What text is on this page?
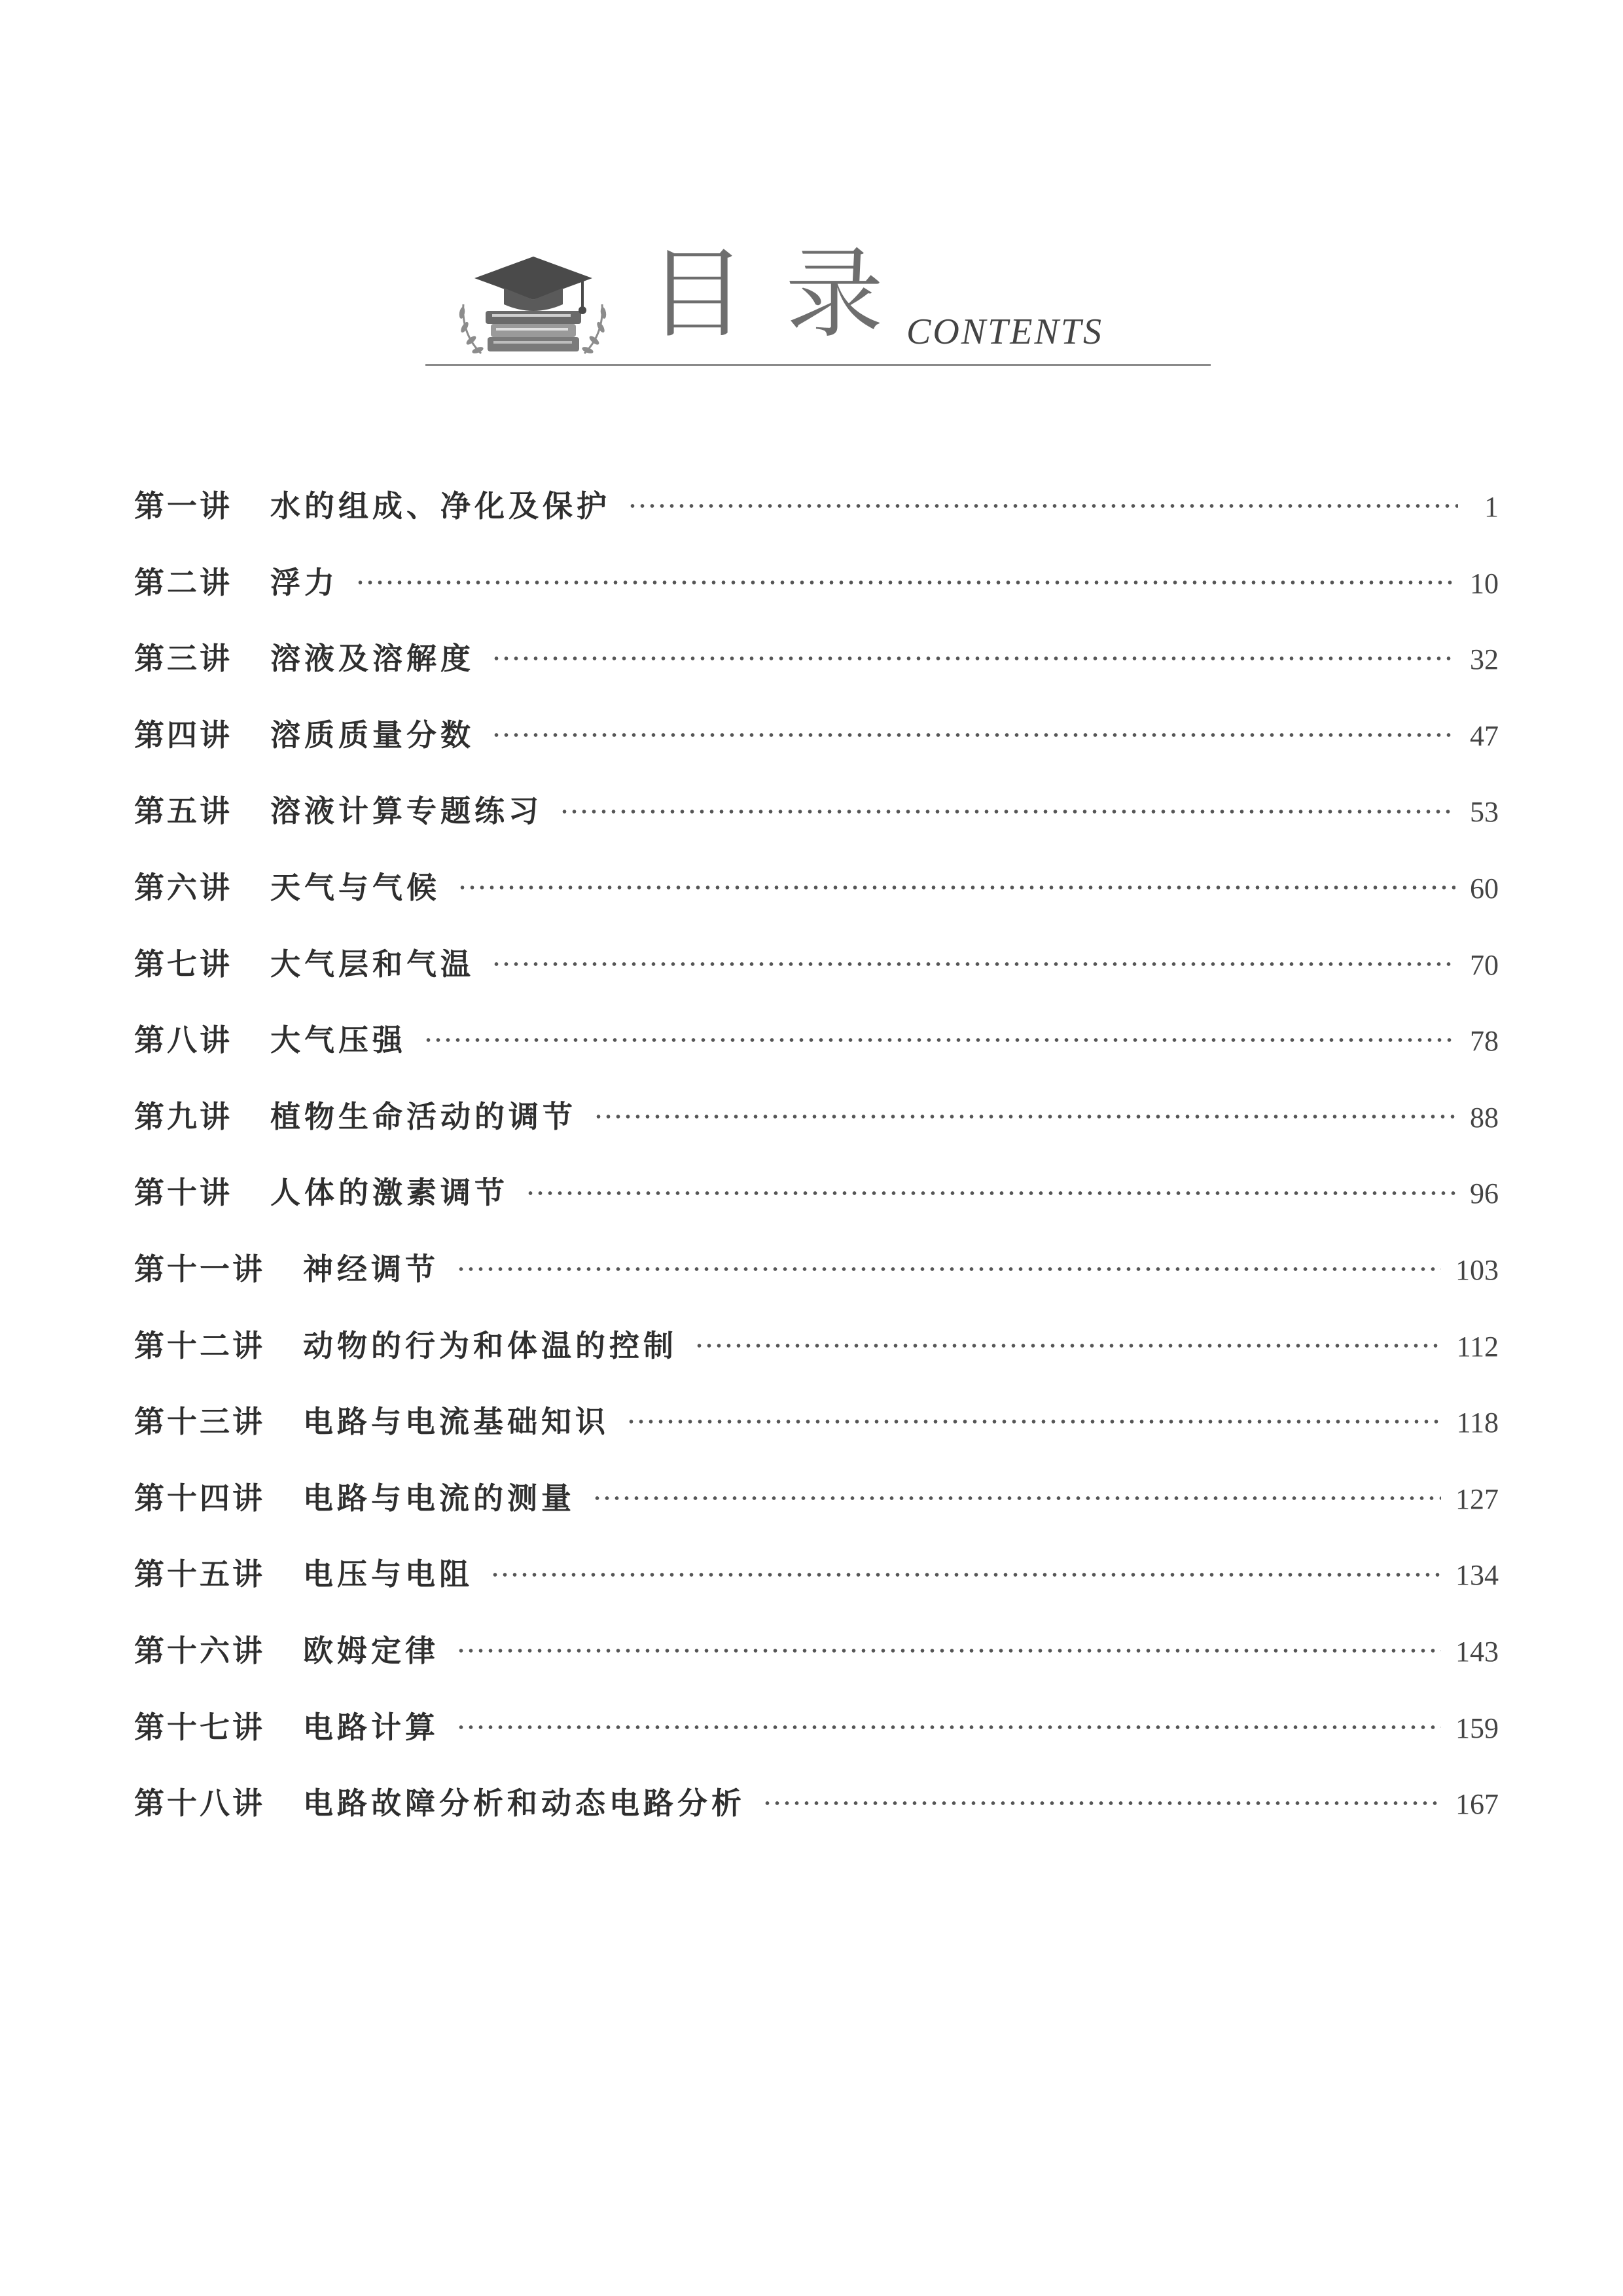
目录
CONTENTS
第一讲 水的组成、净化及保护	1
第二讲 浮力	10
第三讲 溶液及溶解度	32
第四讲 溶质质量分数	47
第五讲 溶液计算专题练习	53
第六讲 天气与气候	60
第七讲 大气层和气温	70
第八讲 大气压强	78
第九讲 植物生命活动的调节	88
第十讲 人体的激素调节	96
第十一讲 神经调节	103
第十二讲 动物的行为和体温的控制	112
第十三讲 电路与电流基础知识	118
第十四讲 电路与电流的测量	127
第十五讲 电压与电阻	134
第十六讲 欧姆定律	143
第十七讲 电路计算	159
第十八讲 电路故障分析和动态电路分析	167
